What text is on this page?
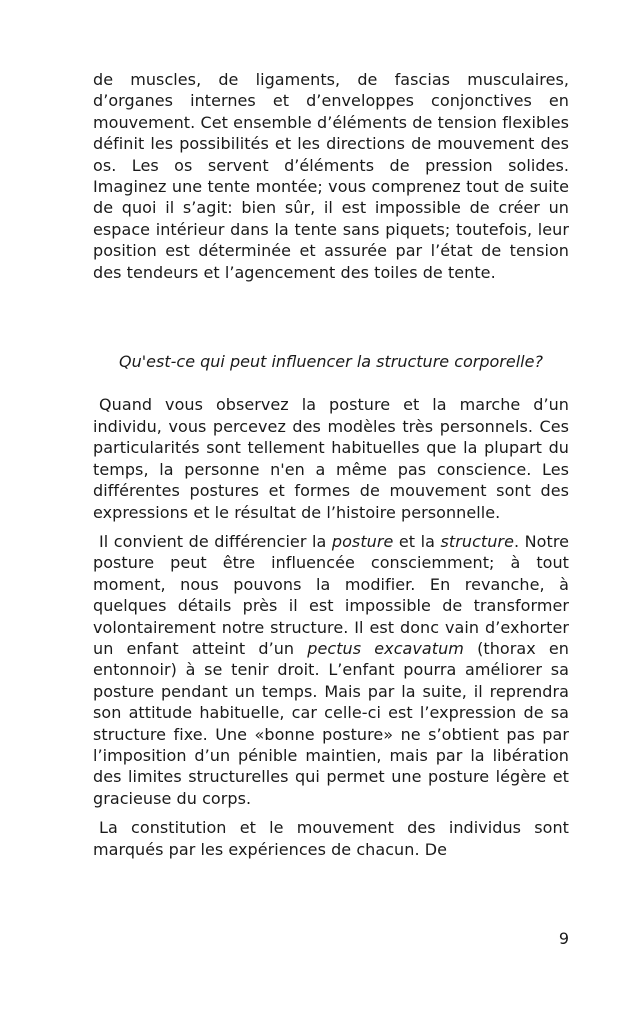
de muscles, de ligaments, de fascias musculaires, d’organes internes et d’enveloppes conjonctives en mouvement. Cet ensemble d’éléments de tension flexibles définit les possibilités et les directions de mouvement des os. Les os servent d’éléments de pression solides. Imaginez une tente montée; vous comprenez tout de suite de quoi il s’agit: bien sûr, il est impossible de créer un espace intérieur dans la tente sans piquets; toutefois, leur position est déterminée et assurée par l’état de tension des tendeurs et l’agencement des toiles de tente.

Qu'est-ce qui peut influencer la structure corporelle?

Quand vous observez la posture et la marche d’un individu, vous percevez des modèles très personnels. Ces particularités sont tellement habituelles que la plupart du temps, la personne n'en a même pas conscience. Les différentes postures et formes de mouvement sont des expressions et le résultat de l’histoire personnelle.

Il convient de différencier la posture et la structure. Notre posture peut être influencée consciemment; à tout moment, nous pouvons la modifier. En revanche, à quelques détails près il est impossible de transformer volontairement notre structure. Il est donc vain d’exhorter un enfant atteint d’un pectus excavatum (thorax en entonnoir) à se tenir droit. L’enfant pourra améliorer sa posture pendant un temps. Mais par la suite, il reprendra son attitude habituelle, car celle-ci est l’expression de sa structure fixe. Une «bonne posture» ne s’obtient pas par l’imposition d’un pénible maintien, mais par la libération des limites structurelles qui permet une posture légère et gracieuse du corps.

La constitution et le mouvement des individus sont marqués par les expériences de chacun. De

9
